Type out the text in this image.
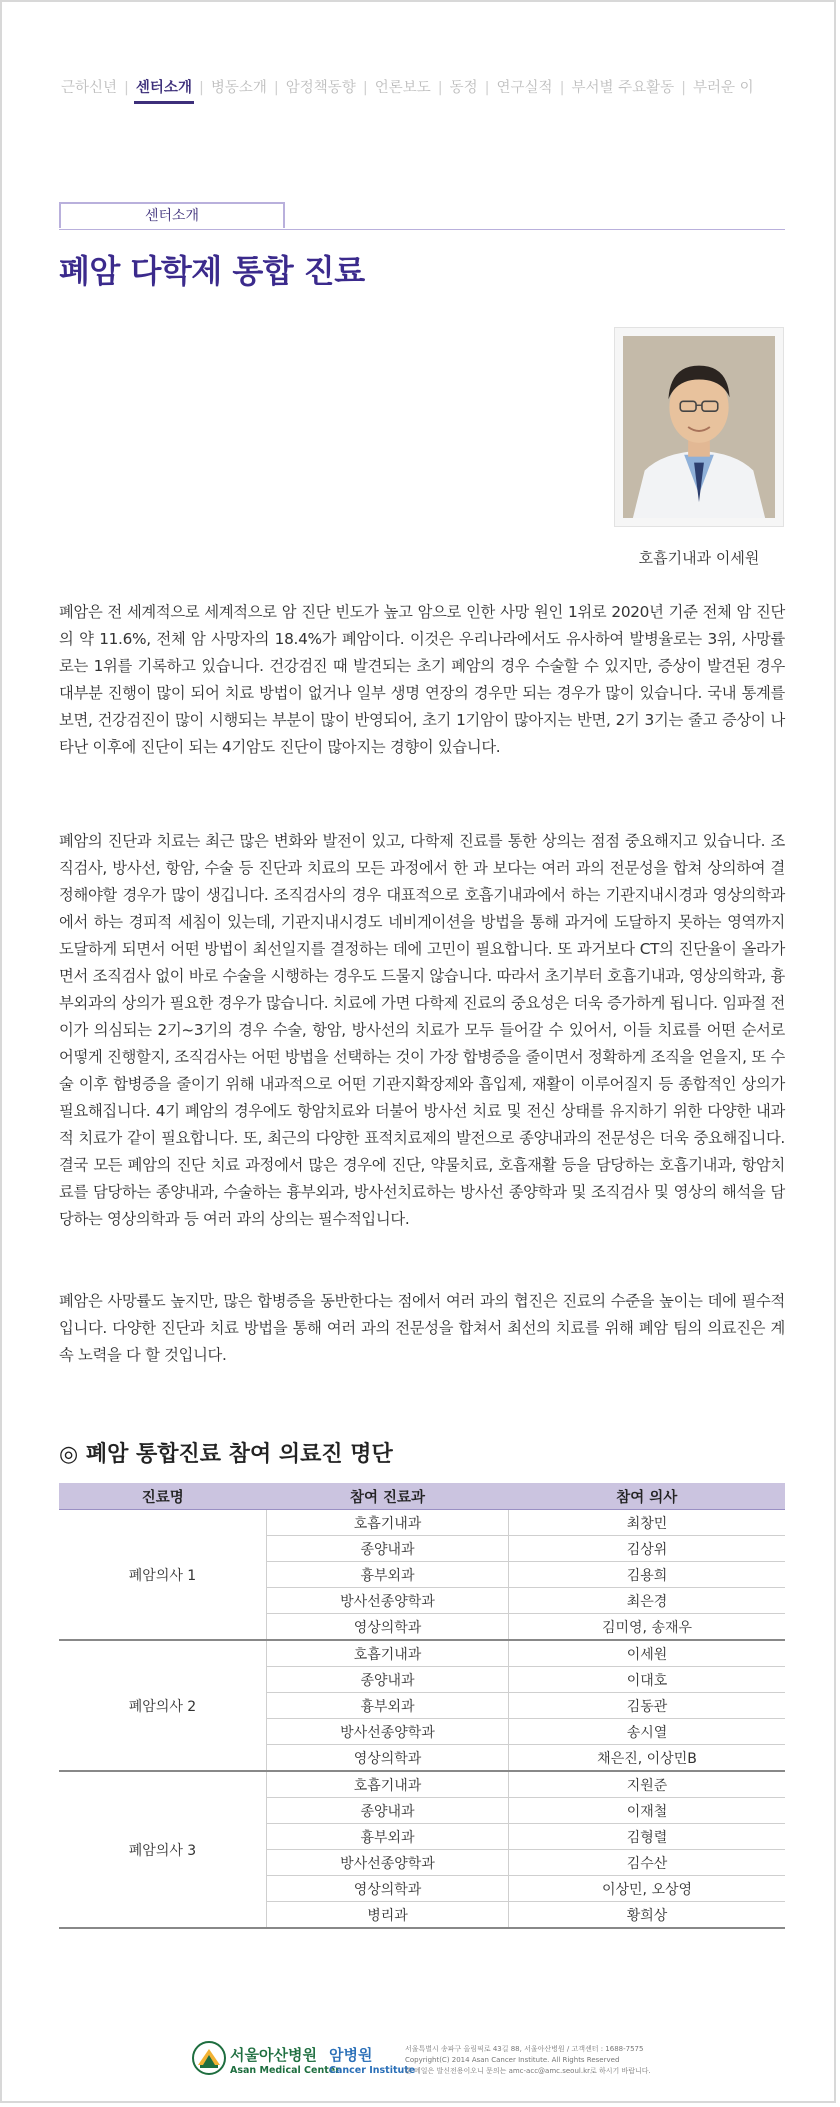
근하신년 | 센터소개 | 병동소개 | 암정책동향 | 언론보도 | 동정 | 연구실적 | 부서별 주요활동 | 부러운 이
센터소개
폐암 다학제 통합 진료
호흡기내과 이세원
폐암은 전 세계적으로 세계적으로 암 진단 빈도가 높고 암으로 인한 사망 원인 1위로 2020년 기준 전체 암 진단의 약 11.6%, 전체 암 사망자의 18.4%가 폐암이다. 이것은 우리나라에서도 유사하여 발병율로는 3위, 사망률로는 1위를 기록하고 있습니다. 건강검진 때 발견되는 초기 폐암의 경우 수술할 수 있지만, 증상이 발견된 경우 대부분 진행이 많이 되어 치료 방법이 없거나 일부 생명 연장의 경우만 되는 경우가 많이 있습니다. 국내 통계를 보면, 건강검진이 많이 시행되는 부분이 많이 반영되어, 초기 1기암이 많아지는 반면, 2기 3기는 줄고 증상이 나타난 이후에 진단이 되는 4기암도 진단이 많아지는 경향이 있습니다.
폐암의 진단과 치료는 최근 많은 변화와 발전이 있고, 다학제 진료를 통한 상의는 점점 중요해지고 있습니다. 조직검사, 방사선, 항암, 수술 등 진단과 치료의 모든 과정에서 한 과 보다는 여러 과의 전문성을 합쳐 상의하여 결정해야할 경우가 많이 생깁니다. 조직검사의 경우 대표적으로 호흡기내과에서 하는 기관지내시경과 영상의학과에서 하는 경피적 세침이 있는데, 기관지내시경도 네비게이션을 방법을 통해 과거에 도달하지 못하는 영역까지 도달하게 되면서 어떤 방법이 최선일지를 결정하는 데에 고민이 필요합니다. 또 과거보다 CT의 진단율이 올라가면서 조직검사 없이 바로 수술을 시행하는 경우도 드물지 않습니다. 따라서 초기부터 호흡기내과, 영상의학과, 흉부외과의 상의가 필요한 경우가 많습니다. 치료에 가면 다학제 진료의 중요성은 더욱 증가하게 됩니다. 임파절 전이가 의심되는 2기~3기의 경우 수술, 항암, 방사선의 치료가 모두 들어갈 수 있어서, 이들 치료를 어떤 순서로 어떻게 진행할지, 조직검사는 어떤 방법을 선택하는 것이 가장 합병증을 줄이면서 정확하게 조직을 얻을지, 또 수술 이후 합병증을 줄이기 위해 내과적으로 어떤 기관지확장제와 흡입제, 재활이 이루어질지 등 종합적인 상의가 필요해집니다. 4기 폐암의 경우에도 항암치료와 더불어 방사선 치료 및 전신 상태를 유지하기 위한 다양한 내과적 치료가 같이 필요합니다. 또, 최근의 다양한 표적치료제의 발전으로 종양내과의 전문성은 더욱 중요해집니다. 결국 모든 폐암의 진단 치료 과정에서 많은 경우에 진단, 약물치료, 호흡재활 등을 담당하는 호흡기내과, 항암치료를 담당하는 종양내과, 수술하는 흉부외과, 방사선치료하는 방사선 종양학과 및 조직검사 및 영상의 해석을 담당하는 영상의학과 등 여러 과의 상의는 필수적입니다.
폐암은 사망률도 높지만, 많은 합병증을 동반한다는 점에서 여러 과의 협진은 진료의 수준을 높이는 데에 필수적입니다. 다양한 진단과 치료 방법을 통해 여러 과의 전문성을 합쳐서 최선의 치료를 위해 폐암 팀의 의료진은 계속 노력을 다 할 것입니다.
◎ 폐암 통합진료 참여 의료진 명단
진료명	참여 진료과	참여 의사
폐암의사 1	호흡기내과	최창민
	종양내과	김상위
	흉부외과	김용희
	방사선종양학과	최은경
	영상의학과	김미영, 송재우
폐암의사 2	호흡기내과	이세원
	종양내과	이대호
	흉부외과	김동관
	방사선종양학과	송시열
	영상의학과	채은진, 이상민B
폐암의사 3	호흡기내과	지원준
	종양내과	이재철
	흉부외과	김형렬
	방사선종양학과	김수산
	영상의학과	이상민, 오상영
	병리과	황희상
서울아산병원
Asan Medical Center
암병원
Cancer Institute
서울특별시 송파구 올림픽로 43길 88, 서울아산병원 / 고객센터 : 1688-7575
Copyright(C) 2014 Asan Cancer Institute. All Rights Reserved
본 메일은 발신전용이오니 문의는 amc-acc@amc.seoul.kr로 하시기 바랍니다.
